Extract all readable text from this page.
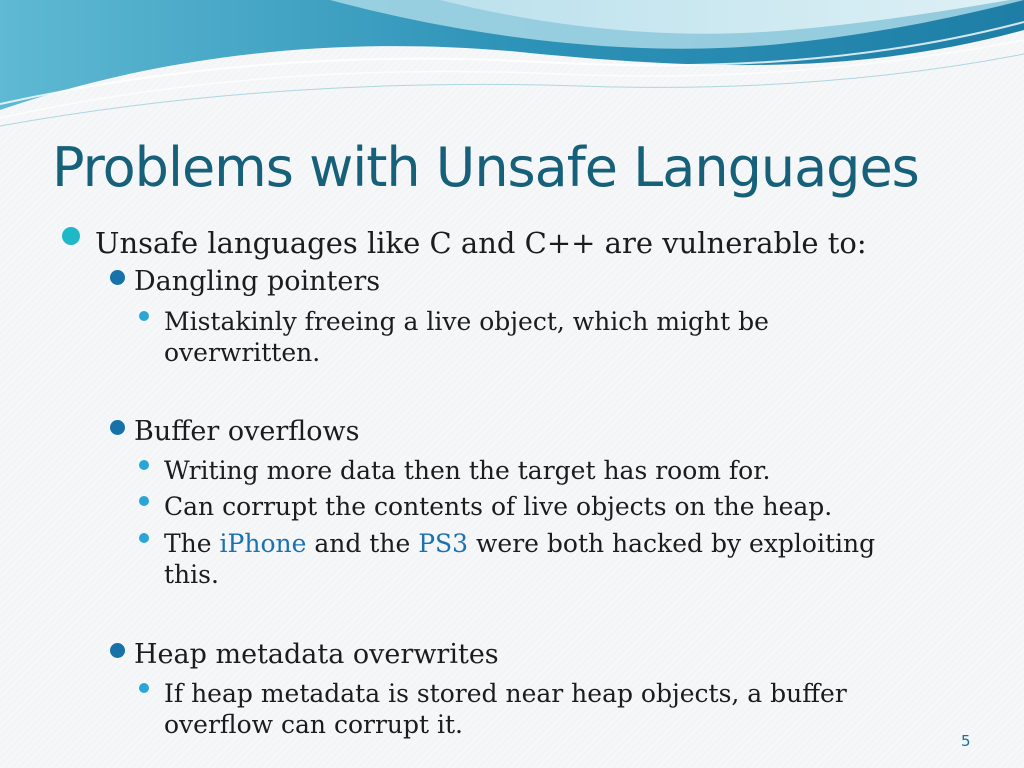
Problems with Unsafe Languages
Unsafe languages like C and C++ are vulnerable to:
Dangling pointers
Mistakinly freeing a live object, which might be
overwritten.
Buffer overflows
Writing more data then the target has room for.
Can corrupt the contents of live objects on the heap.
The iPhone and the PS3 were both hacked by exploiting
this.
Heap metadata overwrites
If heap metadata is stored near heap objects, a buffer
overflow can corrupt it.
5
